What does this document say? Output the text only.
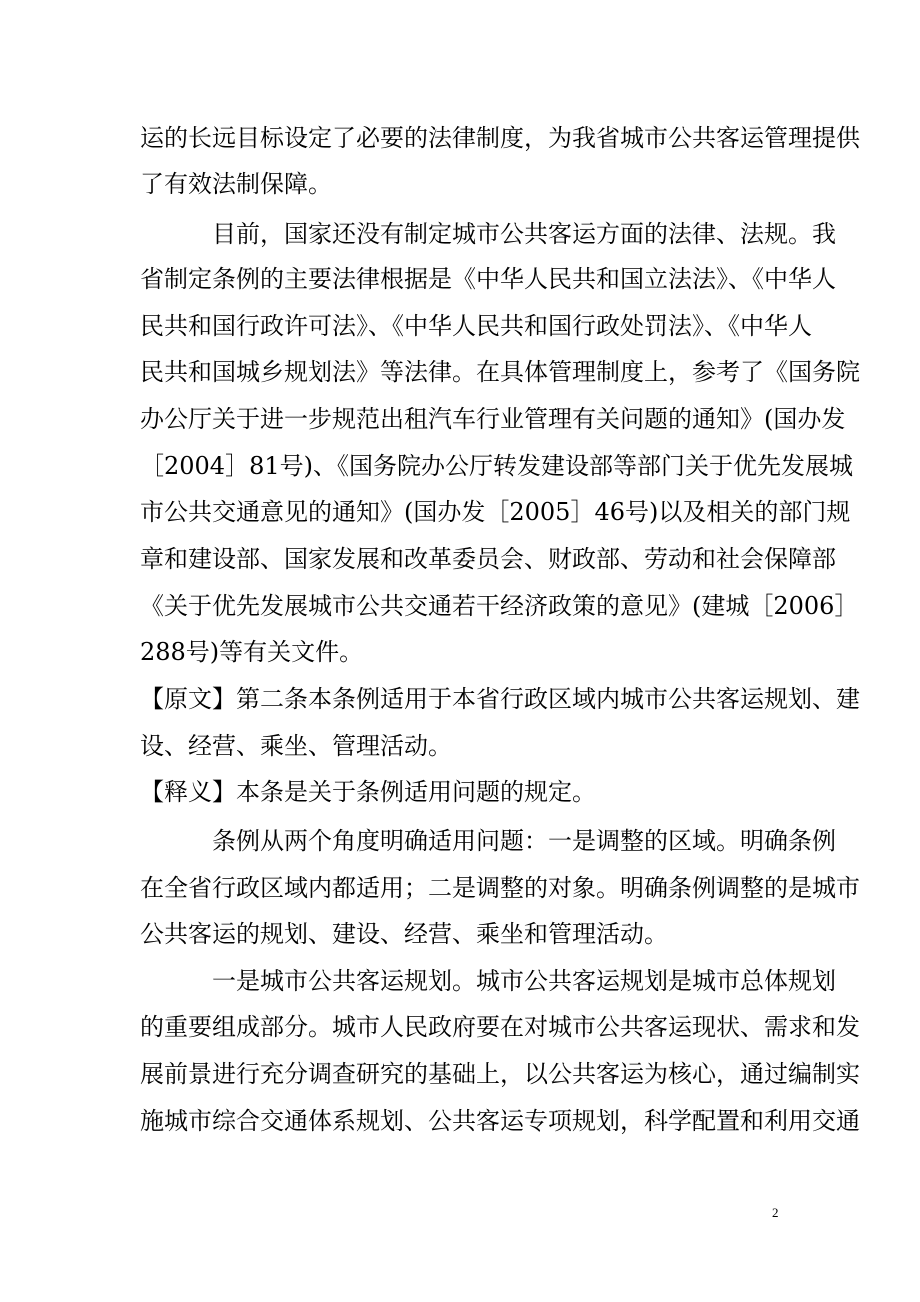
运的长远目标设定了必要的法律制度，为我省城市公共客运管理提供
了有效法制保障。
　　　目前，国家还没有制定城市公共客运方面的法律、法规。我
省制定条例的主要法律根据是《中华人民共和国立法法》、《中华人
民共和国行政许可法》、《中华人民共和国行政处罚法》、《中华人
民共和国城乡规划法》等法律。在具体管理制度上，参考了《国务院
办公厅关于进一步规范出租汽车行业管理有关问题的通知》(国办发
［2004］81号)、《国务院办公厅转发建设部等部门关于优先发展城
市公共交通意见的通知》(国办发［2005］46号)以及相关的部门规
章和建设部、国家发展和改革委员会、财政部、劳动和社会保障部
《关于优先发展城市公共交通若干经济政策的意见》(建城［2006］
288号)等有关文件。
【原文】第二条本条例适用于本省行政区域内城市公共客运规划、建
设、经营、乘坐、管理活动。
【释义】本条是关于条例适用问题的规定。
　　　条例从两个角度明确适用问题：一是调整的区域。明确条例
在全省行政区域内都适用；二是调整的对象。明确条例调整的是城市
公共客运的规划、建设、经营、乘坐和管理活动。
　　　一是城市公共客运规划。城市公共客运规划是城市总体规划
的重要组成部分。城市人民政府要在对城市公共客运现状、需求和发
展前景进行充分调查研究的基础上，以公共客运为核心，通过编制实
施城市综合交通体系规划、公共客运专项规划，科学配置和利用交通
2
